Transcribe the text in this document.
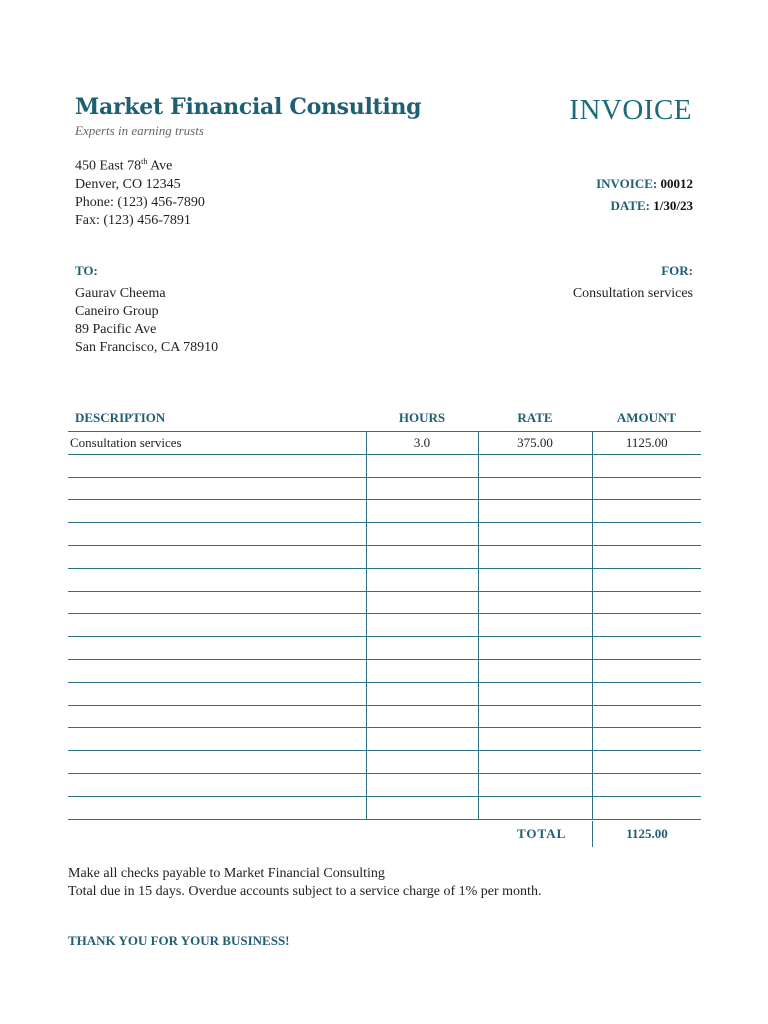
Market Financial Consulting
Experts in earning trusts
INVOICE
450 East 78th Ave
Denver, CO 12345
Phone: (123) 456-7890
Fax: (123) 456-7891
INVOICE: 00012
DATE: 1/30/23
TO:	FOR:
Gaurav Cheema
Caneiro Group
89 Pacific Ave
San Francisco, CA 78910
Consultation services
DESCRIPTION	HOURS	RATE	AMOUNT
Consultation services	3.0	375.00	1125.00

TOTAL	1125.00
Make all checks payable to Market Financial Consulting
Total due in 15 days. Overdue accounts subject to a service charge of 1% per month.
THANK YOU FOR YOUR BUSINESS!
